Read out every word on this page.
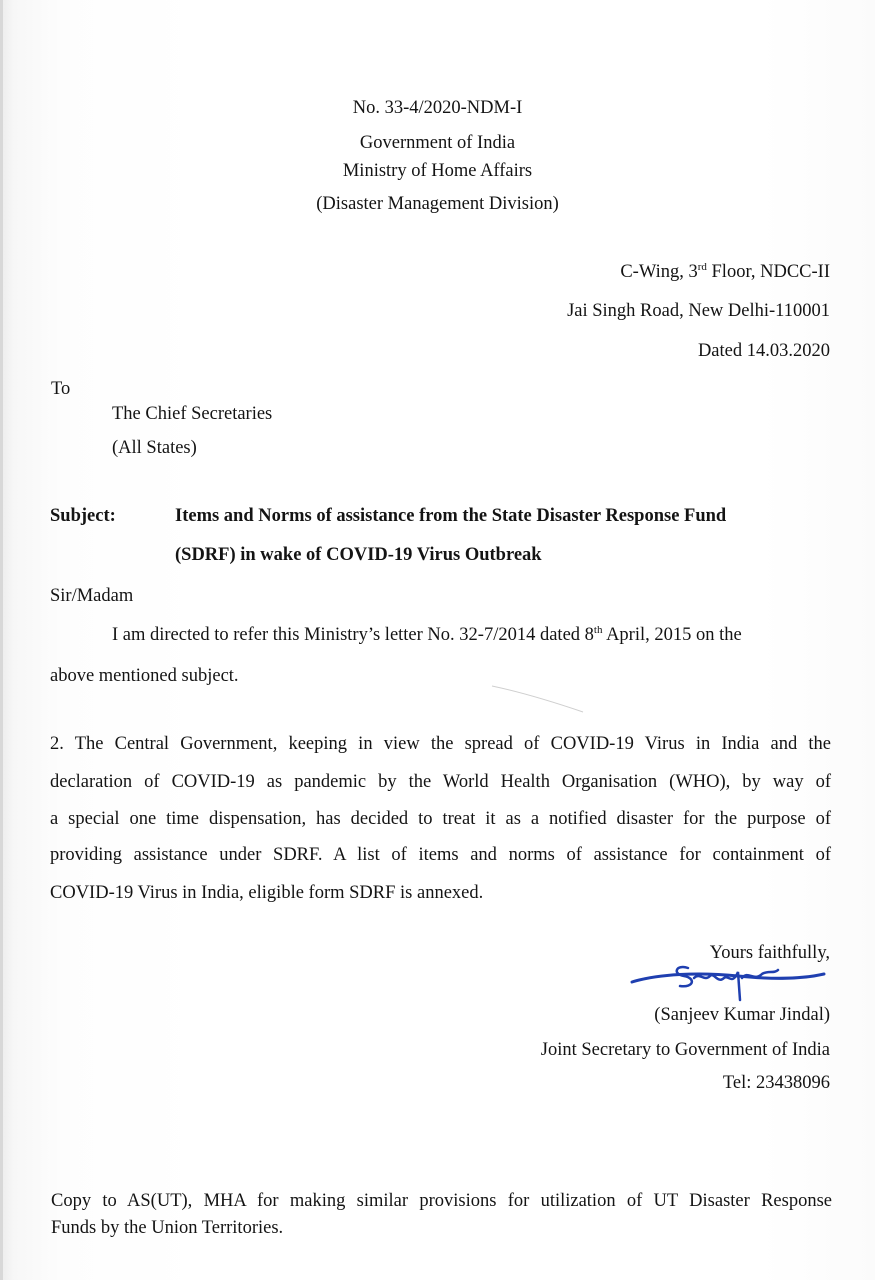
No. 33-4/2020-NDM-I
Government of India
Ministry of Home Affairs
(Disaster Management Division)
C-Wing, 3rd Floor, NDCC-II
Jai Singh Road, New Delhi-110001
Dated 14.03.2020
To
The Chief Secretaries
(All States)
Subject:	Items and Norms of assistance from the State Disaster Response Fund
(SDRF) in wake of COVID-19 Virus Outbreak
Sir/Madam
I am directed to refer this Ministry’s letter No. 32-7/2014 dated 8th April, 2015 on the
above mentioned subject.
2. The Central Government, keeping in view the spread of COVID-19 Virus in India and the
declaration of COVID-19 as pandemic by the World Health Organisation (WHO), by way of
a special one time dispensation, has decided to treat it as a notified disaster for the purpose of
providing assistance under SDRF. A list of items and norms of assistance for containment of
COVID-19 Virus in India, eligible form SDRF is annexed.
Yours faithfully,
(Sanjeev Kumar Jindal)
Joint Secretary to Government of India
Tel: 23438096
Copy to AS(UT), MHA for making similar provisions for utilization of UT Disaster Response
Funds by the Union Territories.
